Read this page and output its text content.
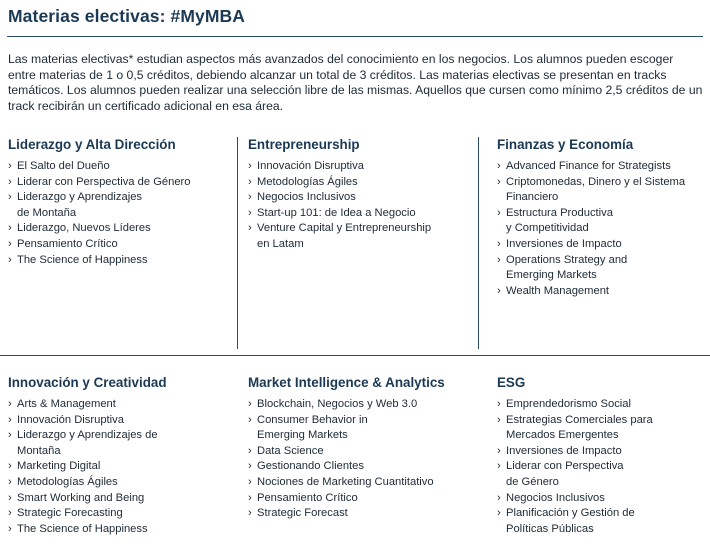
Materias electivas: #MyMBA
Las materias electivas* estudian aspectos más avanzados del conocimiento en los negocios. Los alumnos pueden escoger entre materias de 1 o 0,5 créditos, debiendo alcanzar un total de 3 créditos. Las materias electivas se presentan en tracks temáticos. Los alumnos pueden realizar una selección libre de las mismas. Aquellos que cursen como mínimo 2,5 créditos de un track recibirán un certificado adicional en esa área.
Liderazgo y Alta Dirección
› El Salto del Dueño
› Liderar con Perspectiva de Género
› Liderazgo y Aprendizajes
de Montaña
› Liderazgo, Nuevos Líderes
› Pensamiento Crítico
› The Science of Happiness
Entrepreneurship
› Innovación Disruptiva
› Metodologías Ágiles
› Negocios Inclusivos
› Start-up 101: de Idea a Negocio
› Venture Capital y Entrepreneurship
en Latam
Finanzas y Economía
› Advanced Finance for Strategists
› Criptomonedas, Dinero y el Sistema
Financiero
› Estructura Productiva
y Competitividad
› Inversiones de Impacto
› Operations Strategy and
Emerging Markets
› Wealth Management
Innovación y Creatividad
› Arts & Management
› Innovación Disruptiva
› Liderazgo y Aprendizajes de
Montaña
› Marketing Digital
› Metodologías Ágiles
› Smart Working and Being
› Strategic Forecasting
› The Science of Happiness
Market Intelligence & Analytics
› Blockchain, Negocios y Web 3.0
› Consumer Behavior in
Emerging Markets
› Data Science
› Gestionando Clientes
› Nociones de Marketing Cuantitativo
› Pensamiento Crítico
› Strategic Forecast
ESG
› Emprendedorismo Social
› Estrategias Comerciales para
Mercados Emergentes
› Inversiones de Impacto
› Liderar con Perspectiva
de Género
› Negocios Inclusivos
› Planificación y Gestión de
Políticas Públicas
